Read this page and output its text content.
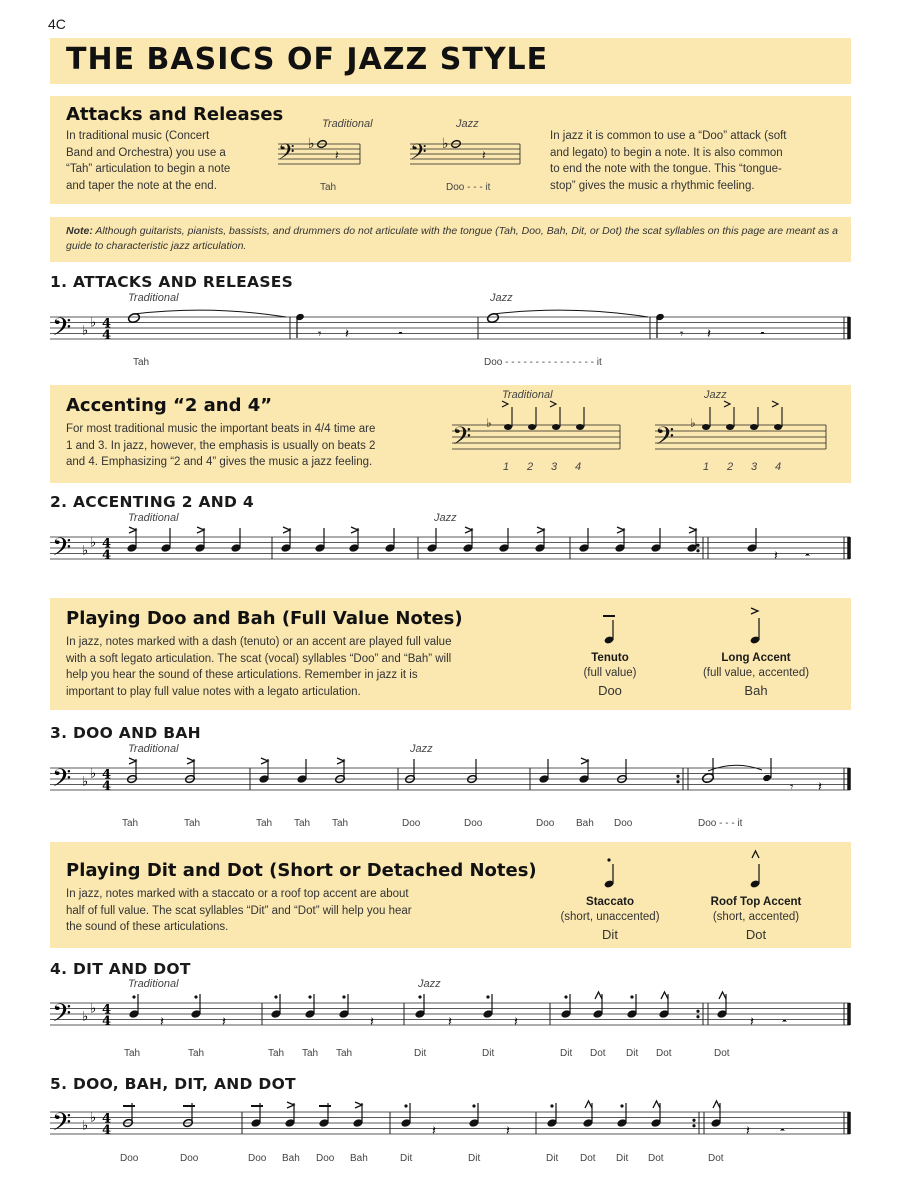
4C
THE BASICS OF JAZZ STYLE
Attacks and Releases
In traditional music (Concert
Band and Orchestra) you use a
“Tah” articulation to begin a note
and taper the note at the end.
Traditional	Jazz
𝄢 ♭
𝄽	𝄢 ♭
𝄽
Tah	Doo - - - it
In jazz it is common to use a “Doo” attack (soft
and legato) to begin a note. It is also common
to end the note with the tongue. This “tongue-
stop” gives the music a rhythmic feeling.
Note: Although guitarists, pianists, bassists, and drummers do not articulate with the tongue (Tah, Doo, Bah, Dit, or Dot) the scat syllables on this page are meant as a guide to characteristic jazz articulation.
1. ATTACKS AND RELEASES
Traditional	Jazz
𝄢 ♭
♭ 4
4	𝄾 𝄽	𝄼	𝄾 𝄽	𝄼
Tah	Doo - - - - - - - - - - - - - - - it
Accenting “2 and 4”
For most traditional music the important beats in 4/4 time are
1 and 3. In jazz, however, the emphasis is usually on beats 2
and 4. Emphasizing “2 and 4” gives the music a jazz feeling.
Traditional	Jazz
𝄢	𝄢
♭	♭
1 2 3 4	1 2 3 4
2. ACCENTING 2 AND 4
Traditional	Jazz
𝄢 ♭
♭ 4
4	𝄽 𝄼
Playing Doo and Bah (Full Value Notes)
In jazz, notes marked with a dash (tenuto) or an accent are played full value
with a soft legato articulation. The scat (vocal) syllables “Doo” and “Bah” will
help you hear the sound of these articulations. Remember in jazz it is
important to play full value notes with a legato articulation.
Tenuto
(full value)
Doo
Long Accent
(full value, accented)
Bah
3. DOO AND BAH
Traditional	Jazz
𝄢 ♭
♭ 4
4	𝄾 𝄽
Tah	Tah	Tah Tah Tah	Doo	Doo	Doo Bah Doo	Doo - - - it
Playing Dit and Dot (Short or Detached Notes)
In jazz, notes marked with a staccato or a roof top accent are about
half of full value. The scat syllables “Dit” and “Dot” will help you hear
the sound of these articulations.
Staccato
(short, unaccented)
Dit
Roof Top Accent
(short, accented)
Dot
4. DIT AND DOT
Traditional	Jazz
𝄢 ♭
♭ 4
4	𝄽	𝄽	𝄽	𝄽	𝄽	𝄽 𝄼
Tah	Tah	Tah Tah Tah	Dit	Dit	Dit Dot Dit Dot	Dot
5. DOO, BAH, DIT, AND DOT
𝄢 ♭
♭ 4
4	𝄽	𝄽	𝄽 𝄼
Doo	Doo	Doo Bah Doo Bah	Dit	Dit	Dit Dot Dit Dot	Dot
